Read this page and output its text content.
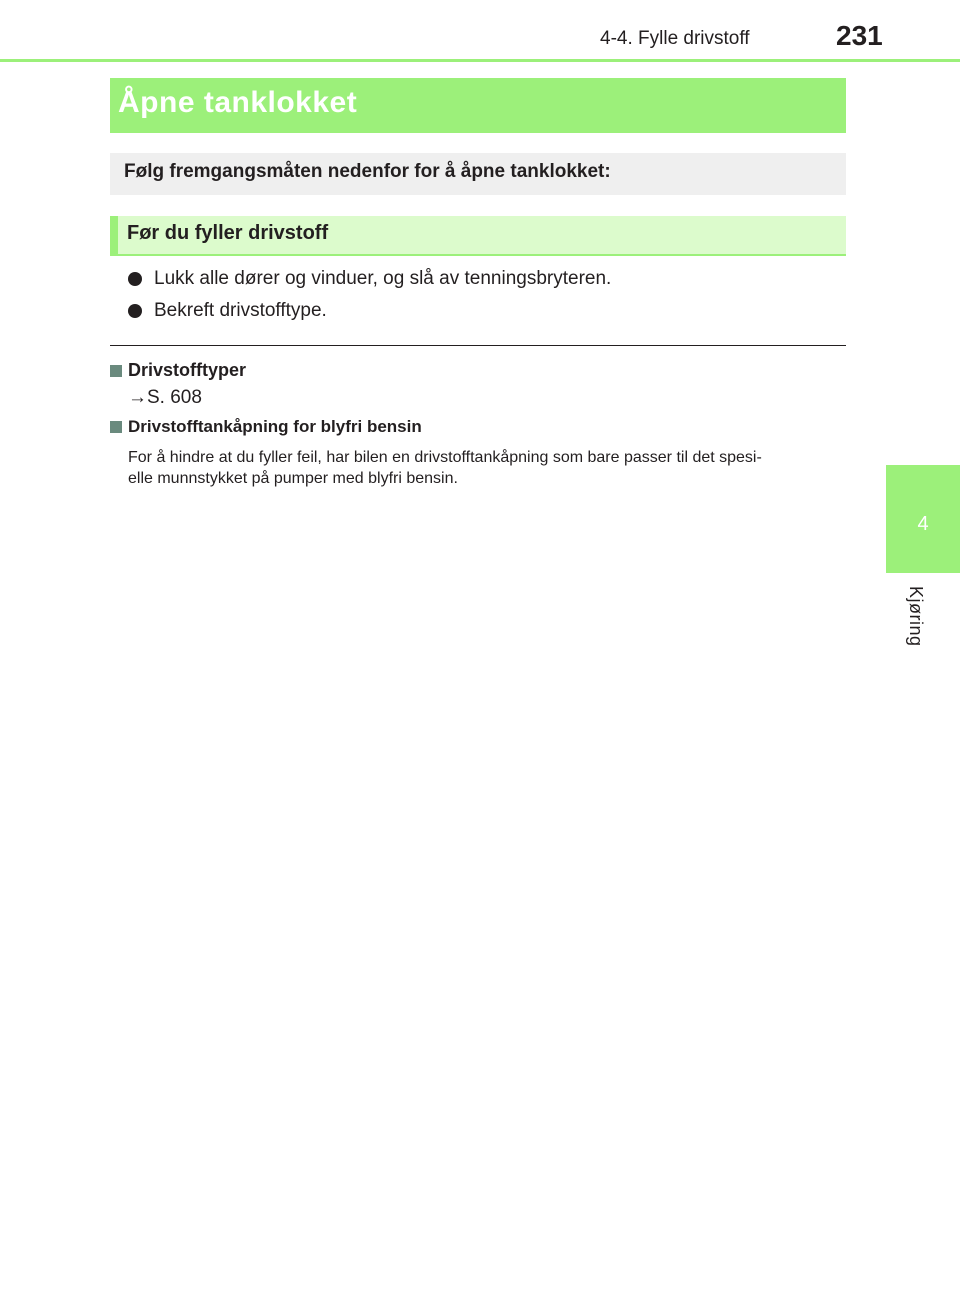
4-4. Fylle drivstoff	231
4
Kjøring
Åpne tanklokket

Følg fremgangsmåten nedenfor for å åpne tanklokket:

Før du fyller drivstoff
Lukk alle dører og vinduer, og slå av tenningsbryteren.
Bekreft drivstofftype.
Drivstofftyper
→S. 608
Drivstofftankåpning for blyfri bensin
For å hindre at du fyller feil, har bilen en drivstofftankåpning som bare passer til det spesi-
elle munnstykket på pumper med blyfri bensin.
